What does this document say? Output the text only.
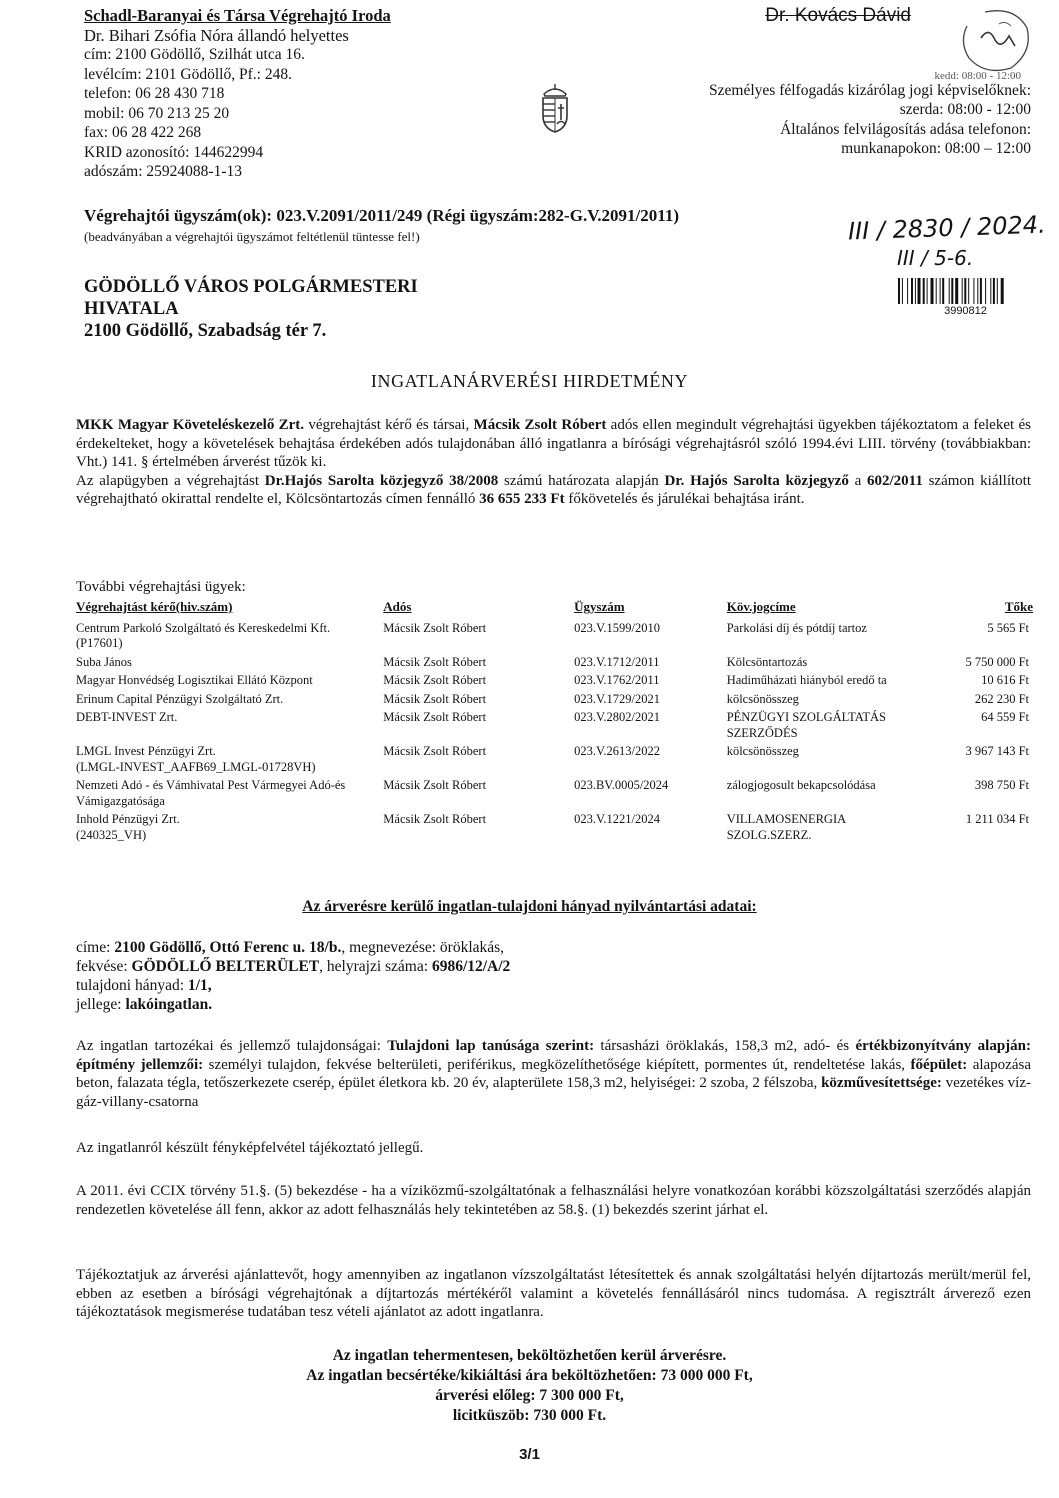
Schadl-Baranyai és Társa Végrehajtó Iroda
Dr. Bihari Zsófia Nóra állandó helyettes
cím: 2100 Gödöllő, Szilhát utca 16.
levélcím: 2101 Gödöllő, Pf.: 248.
telefon: 06 28 430 718
mobil: 06 70 213 25 20
fax: 06 28 422 268
KRID azonosító: 144622994
adószám: 25924088-1-13
Dr. Kovács Dávid
kedd: 08:00 - 12:00
Személyes félfogadás kizárólag jogi képviselőknek:
szerda: 08:00 - 12:00
Általános felvilágosítás adása telefonon:
munkanapokon: 08:00 – 12:00
Végrehajtói ügyszám(ok): 023.V.2091/2011/249 (Régi ügyszám:282-G.V.2091/2011)
(beadványában a végrehajtói ügyszámot feltétlenül tüntesse fel!)	III / 2830 / 2024.
III / 5-6.
3990812
GÖDÖLLŐ VÁROS POLGÁRMESTERI
HIVATALA
2100 Gödöllő, Szabadság tér 7.
INGATLANÁRVERÉSI HIRDETMÉNY
MKK Magyar Követeléskezelő Zrt. végrehajtást kérő és társai, Mácsik Zsolt Róbert adós ellen megindult végrehajtási ügyekben tájékoztatom a feleket és érdekelteket, hogy a követelések behajtása érdekében adós tulajdonában álló ingatlanra a bírósági végrehajtásról szóló 1994.évi LIII. törvény (továbbiakban: Vht.) 141. § értelmében árverést tűzök ki.
Az alapügyben a végrehajtást Dr.Hajós Sarolta közjegyző 38/2008 számú határozata alapján Dr. Hajós Sarolta közjegyző a 602/2011 számon kiállított végrehajtható okirattal rendelte el, Kölcsöntartozás címen fennálló 36 655 233 Ft főkövetelés és járulékai behajtása iránt.
További végrehajtási ügyek:
Végrehajtást kérő(hiv.szám)	Adós	Ügyszám	Köv.jogcíme	Tőke
Centrum Parkoló Szolgáltató és Kereskedelmi Kft.
(P17601)	Mácsik Zsolt Róbert	023.V.1599/2010	Parkolási díj és pótdíj tartoz	5 565 Ft
Suba János	Mácsik Zsolt Róbert	023.V.1712/2011	Kölcsöntartozás	5 750 000 Ft
Magyar Honvédség Logisztikai Ellátó Központ	Mácsik Zsolt Róbert	023.V.1762/2011	Hadiműházati hiányból eredő ta	10 616 Ft
Erinum Capital Pénzügyi Szolgáltató Zrt.	Mácsik Zsolt Róbert	023.V.1729/2021	kölcsönösszeg	262 230 Ft
DEBT-INVEST Zrt.	Mácsik Zsolt Róbert	023.V.2802/2021	PÉNZÜGYI SZOLGÁLTATÁS SZERZŐDÉS	64 559 Ft
LMGL Invest Pénzügyi Zrt.
(LMGL-INVEST_AAFB69_LMGL-01728VH)	Mácsik Zsolt Róbert	023.V.2613/2022	kölcsönösszeg	3 967 143 Ft
Nemzeti Adó - és Vámhivatal Pest Vármegyei Adó-és Vámigazgatósága	Mácsik Zsolt Róbert	023.BV.0005/2024	zálogjogosult bekapcsolódása	398 750 Ft
Inhold Pénzügyi Zrt.
(240325_VH)	Mácsik Zsolt Róbert	023.V.1221/2024	VILLAMOSENERGIA SZOLG.SZERZ.	1 211 034 Ft
Az árverésre kerülő ingatlan-tulajdoni hányad nyilvántartási adatai:
címe: 2100 Gödöllő, Ottó Ferenc u. 18/b., megnevezése: öröklakás,
fekvése: GÖDÖLLŐ BELTERÜLET, helyrajzi száma: 6986/12/A/2
tulajdoni hányad: 1/1,
jellege: lakóingatlan.
Az ingatlan tartozékai és jellemző tulajdonságai: Tulajdoni lap tanúsága szerint: társasházi öröklakás, 158,3 m2, adó- és értékbizonyítvány alapján: építmény jellemzői: személyi tulajdon, fekvése belterületi, periférikus, megközelíthetősége kiépített, pormentes út, rendeltetése lakás, főépület: alapozása beton, falazata tégla, tetőszerkezete cserép, épület életkora kb. 20 év, alapterülete 158,3 m2, helyiségei: 2 szoba, 2 félszoba, közművesítettsége: vezetékes víz-gáz-villany-csatorna
Az ingatlanról készült fényképfelvétel tájékoztató jellegű.
A 2011. évi CCIX törvény 51.§. (5) bekezdése - ha a víziközmű-szolgáltatónak a felhasználási helyre vonatkozóan korábbi közszolgáltatási szerződés alapján rendezetlen követelése áll fenn, akkor az adott felhasználás hely tekintetében az 58.§. (1) bekezdés szerint járhat el.
Tájékoztatjuk az árverési ajánlattevőt, hogy amennyiben az ingatlanon vízszolgáltatást létesítettek és annak szolgáltatási helyén díjtartozás merült/merül fel, ebben az esetben a bírósági végrehajtónak a díjtartozás mértékéről valamint a követelés fennállásáról nincs tudomása. A regisztrált árverező ezen tájékoztatások megismerése tudatában tesz vételi ajánlatot az adott ingatlanra.
Az ingatlan tehermentesen, beköltözhetően kerül árverésre.
Az ingatlan becsértéke/kikiáltási ára beköltözhetően: 73 000 000 Ft,
árverési előleg: 7 300 000 Ft,
licitküszöb: 730 000 Ft.
3/1
